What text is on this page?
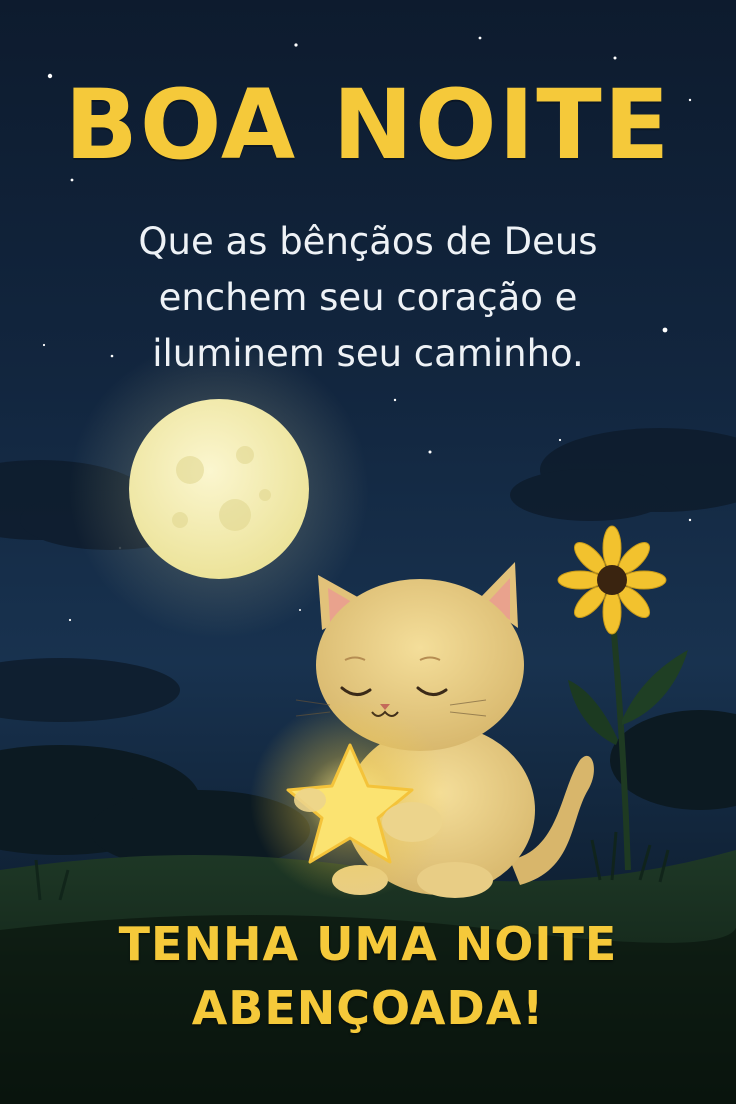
BOA NOITE
Que as bênçãos de Deus
enchem seu coração e
iluminem seu caminho.
TENHA UMA NOITE
ABENÇOADA!
